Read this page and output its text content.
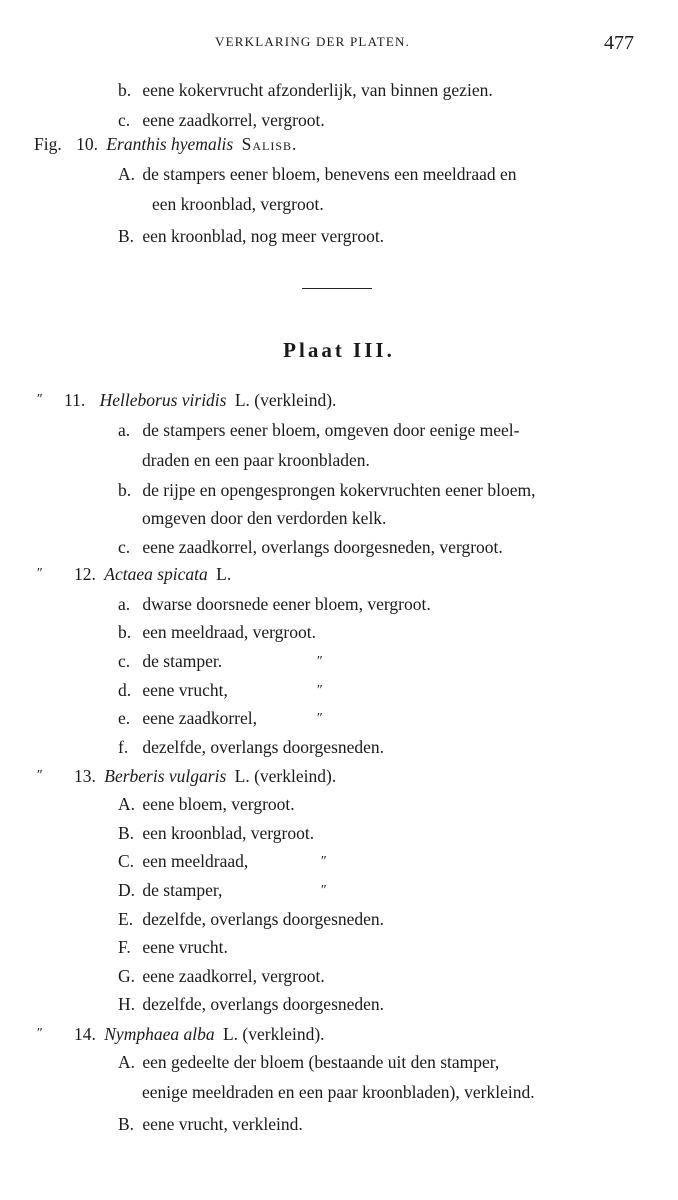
VERKLARING DER PLATEN.	477
b. eene kokervrucht afzonderlijk, van binnen gezien.
c. eene zaadkorrel, vergroot.
Fig. 10. Eranthis hyemalis Salisb.
A. de stampers eener bloem, benevens een meeldraad en
een kroonblad, vergroot.
B. een kroonblad, nog meer vergroot.
Plaat III.
″ 11. Helleborus viridis L. (verkleind).
a. de stampers eener bloem, omgeven door eenige meel-
draden en een paar kroonbladen.
b. de rijpe en opengesprongen kokervruchten eener bloem,
omgeven door den verdorden kelk.
c. eene zaadkorrel, overlangs doorgesneden, vergroot.
″ 12. Actaea spicata L.
a. dwarse doorsnede eener bloem, vergroot.
b. een meeldraad, vergroot.
c. de stamper.	″
d. eene vrucht,	″
e. eene zaadkorrel,	″
f. dezelfde, overlangs doorgesneden.
″ 13. Berberis vulgaris L. (verkleind).
A. eene bloem, vergroot.
B. een kroonblad, vergroot.
C. een meeldraad,	″
D. de stamper,	″
E. dezelfde, overlangs doorgesneden.
F. eene vrucht.
G. eene zaadkorrel, vergroot.
H. dezelfde, overlangs doorgesneden.
″ 14. Nymphaea alba L. (verkleind).
A. een gedeelte der bloem (bestaande uit den stamper,
eenige meeldraden en een paar kroonbladen), verkleind.
B. eene vrucht, verkleind.
